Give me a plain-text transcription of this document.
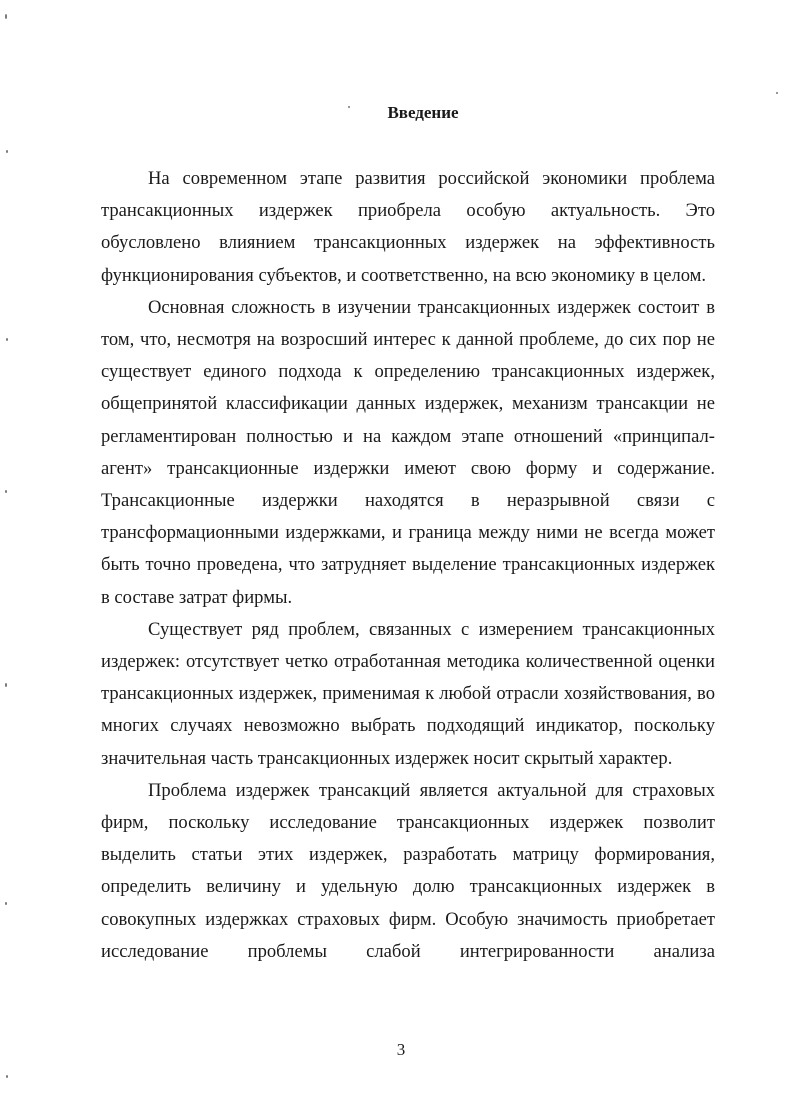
Введение

На современном этапе развития российской экономики проблема трансакционных издержек приобрела особую актуальность. Это обусловлено влиянием трансакционных издержек на эффективность функционирования субъектов, и соответственно, на всю экономику в целом.

Основная сложность в изучении трансакционных издержек состоит в том, что, несмотря на возросший интерес к данной проблеме, до сих пор не существует единого подхода к определению трансакционных издержек, общепринятой классификации данных издержек, механизм трансакции не регламентирован полностью и на каждом этапе отношений «принципал-агент» трансакционные издержки имеют свою форму и содержание. Трансакционные издержки находятся в неразрывной связи с трансформационными издержками, и граница между ними не всегда может быть точно проведена, что затрудняет выделение трансакционных издержек в составе затрат фирмы.

Существует ряд проблем, связанных с измерением трансакционных издержек: отсутствует четко отработанная методика количественной оценки трансакционных издержек, применимая к любой отрасли хозяйствования, во многих случаях невозможно выбрать подходящий индикатор, поскольку значительная часть трансакционных издержек носит скрытый характер.

Проблема издержек трансакций является актуальной для страховых фирм, поскольку исследование трансакционных издержек позволит выделить статьи этих издержек, разработать матрицу формирования, определить величину и удельную долю трансакционных издержек в совокупных издержках страховых фирм. Особую значимость приобретает исследование проблемы слабой интегрированности анализа

3
